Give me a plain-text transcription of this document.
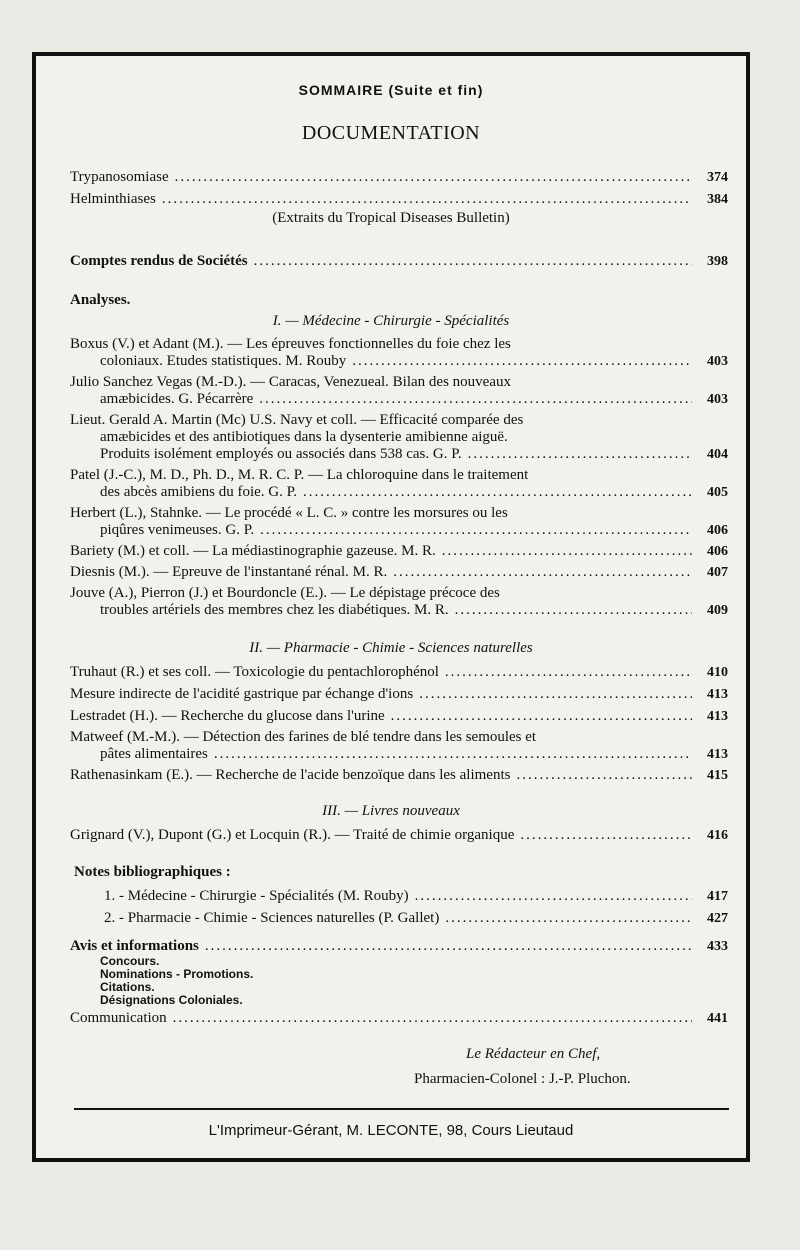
SOMMAIRE (Suite et fin)
DOCUMENTATION
Trypanosomiase .....	374
Helminthiases .....	384
(Extraits du Tropical Diseases Bulletin)
Comptes rendus de Sociétés .....	398
Analyses.
I. — Médecine - Chirurgie - Spécialités
Boxus (V.) et Adant (M.). — Les épreuves fonctionnelles du foie chez les
coloniaux. Etudes statistiques. M. Rouby .....	403
Julio Sanchez Vegas (M.-D.). — Caracas, Venezueal. Bilan des nouveaux
amæbicides. G. Pécarrère .....	403
Lieut. Gerald A. Martin (Mc) U.S. Navy et coll. — Efficacité comparée des
amæbicides et des antibiotiques dans la dysenterie amibienne aiguë.
Produits isolément employés ou associés dans 538 cas. G. P. .....	404
Patel (J.-C.), M. D., Ph. D., M. R. C. P. — La chloroquine dans le traitement
des abcès amibiens du foie. G. P. .....	405
Herbert (L.), Stahnke. — Le procédé « L. C. » contre les morsures ou les
piqûres venimeuses. G. P. .....	406
Bariety (M.) et coll. — La médiastinographie gazeuse. M. R. .....	406
Diesnis (M.). — Epreuve de l'instantané rénal. M. R. .....	407
Jouve (A.), Pierron (J.) et Bourdoncle (E.). — Le dépistage précoce des
troubles artériels des membres chez les diabétiques. M. R. .....	409
II. — Pharmacie - Chimie - Sciences naturelles
Truhaut (R.) et ses coll. — Toxicologie du pentachlorophénol .....	410
Mesure indirecte de l'acidité gastrique par échange d'ions .....	413
Lestradet (H.). — Recherche du glucose dans l'urine .....	413
Matweef (M.-M.). — Détection des farines de blé tendre dans les semoules et
pâtes alimentaires .....	413
Rathenasinkam (E.). — Recherche de l'acide benzoïque dans les aliments .....	415
III. — Livres nouveaux
Grignard (V.), Dupont (G.) et Locquin (R.). — Traité de chimie organique .....	416
Notes bibliographiques :
1. - Médecine - Chirurgie - Spécialités (M. Rouby) .....	417
2. - Pharmacie - Chimie - Sciences naturelles (P. Gallet) .....	427
Avis et informations .....	433
Concours.
Nominations - Promotions.
Citations.
Désignations Coloniales.
Communication .....	441
Le Rédacteur en Chef,
Pharmacien-Colonel : J.-P. Pluchon.
L'Imprimeur-Gérant, M. LECONTE, 98, Cours Lieutaud
